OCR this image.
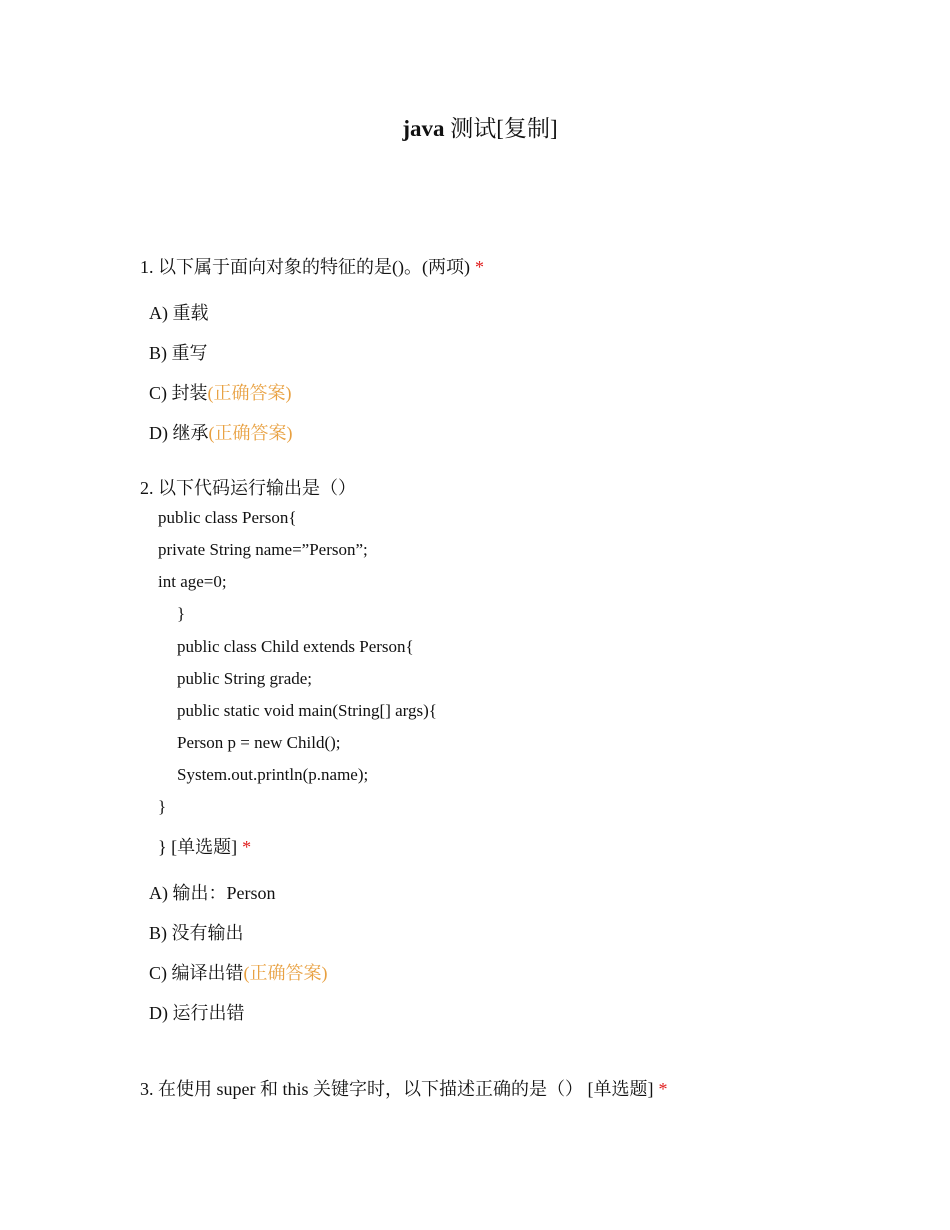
java 测试[复制]
1. 以下属于面向对象的特征的是()。(两项) *
A) 重载
B) 重写
C) 封装(正确答案)
D) 继承(正确答案)
2. 以下代码运行输出是（）
public class Person{
private String name=”Person”;
int age=0;
}
public class Child extends Person{
public String grade;
public static void main(String[] args){
Person p = new Child();
System.out.println(p.name);
}
} [单选题] *
A) 输出：Person
B) 没有输出
C) 编译出错(正确答案)
D) 运行出错
3. 在使用 super 和 this 关键字时，以下描述正确的是（） [单选题] *
